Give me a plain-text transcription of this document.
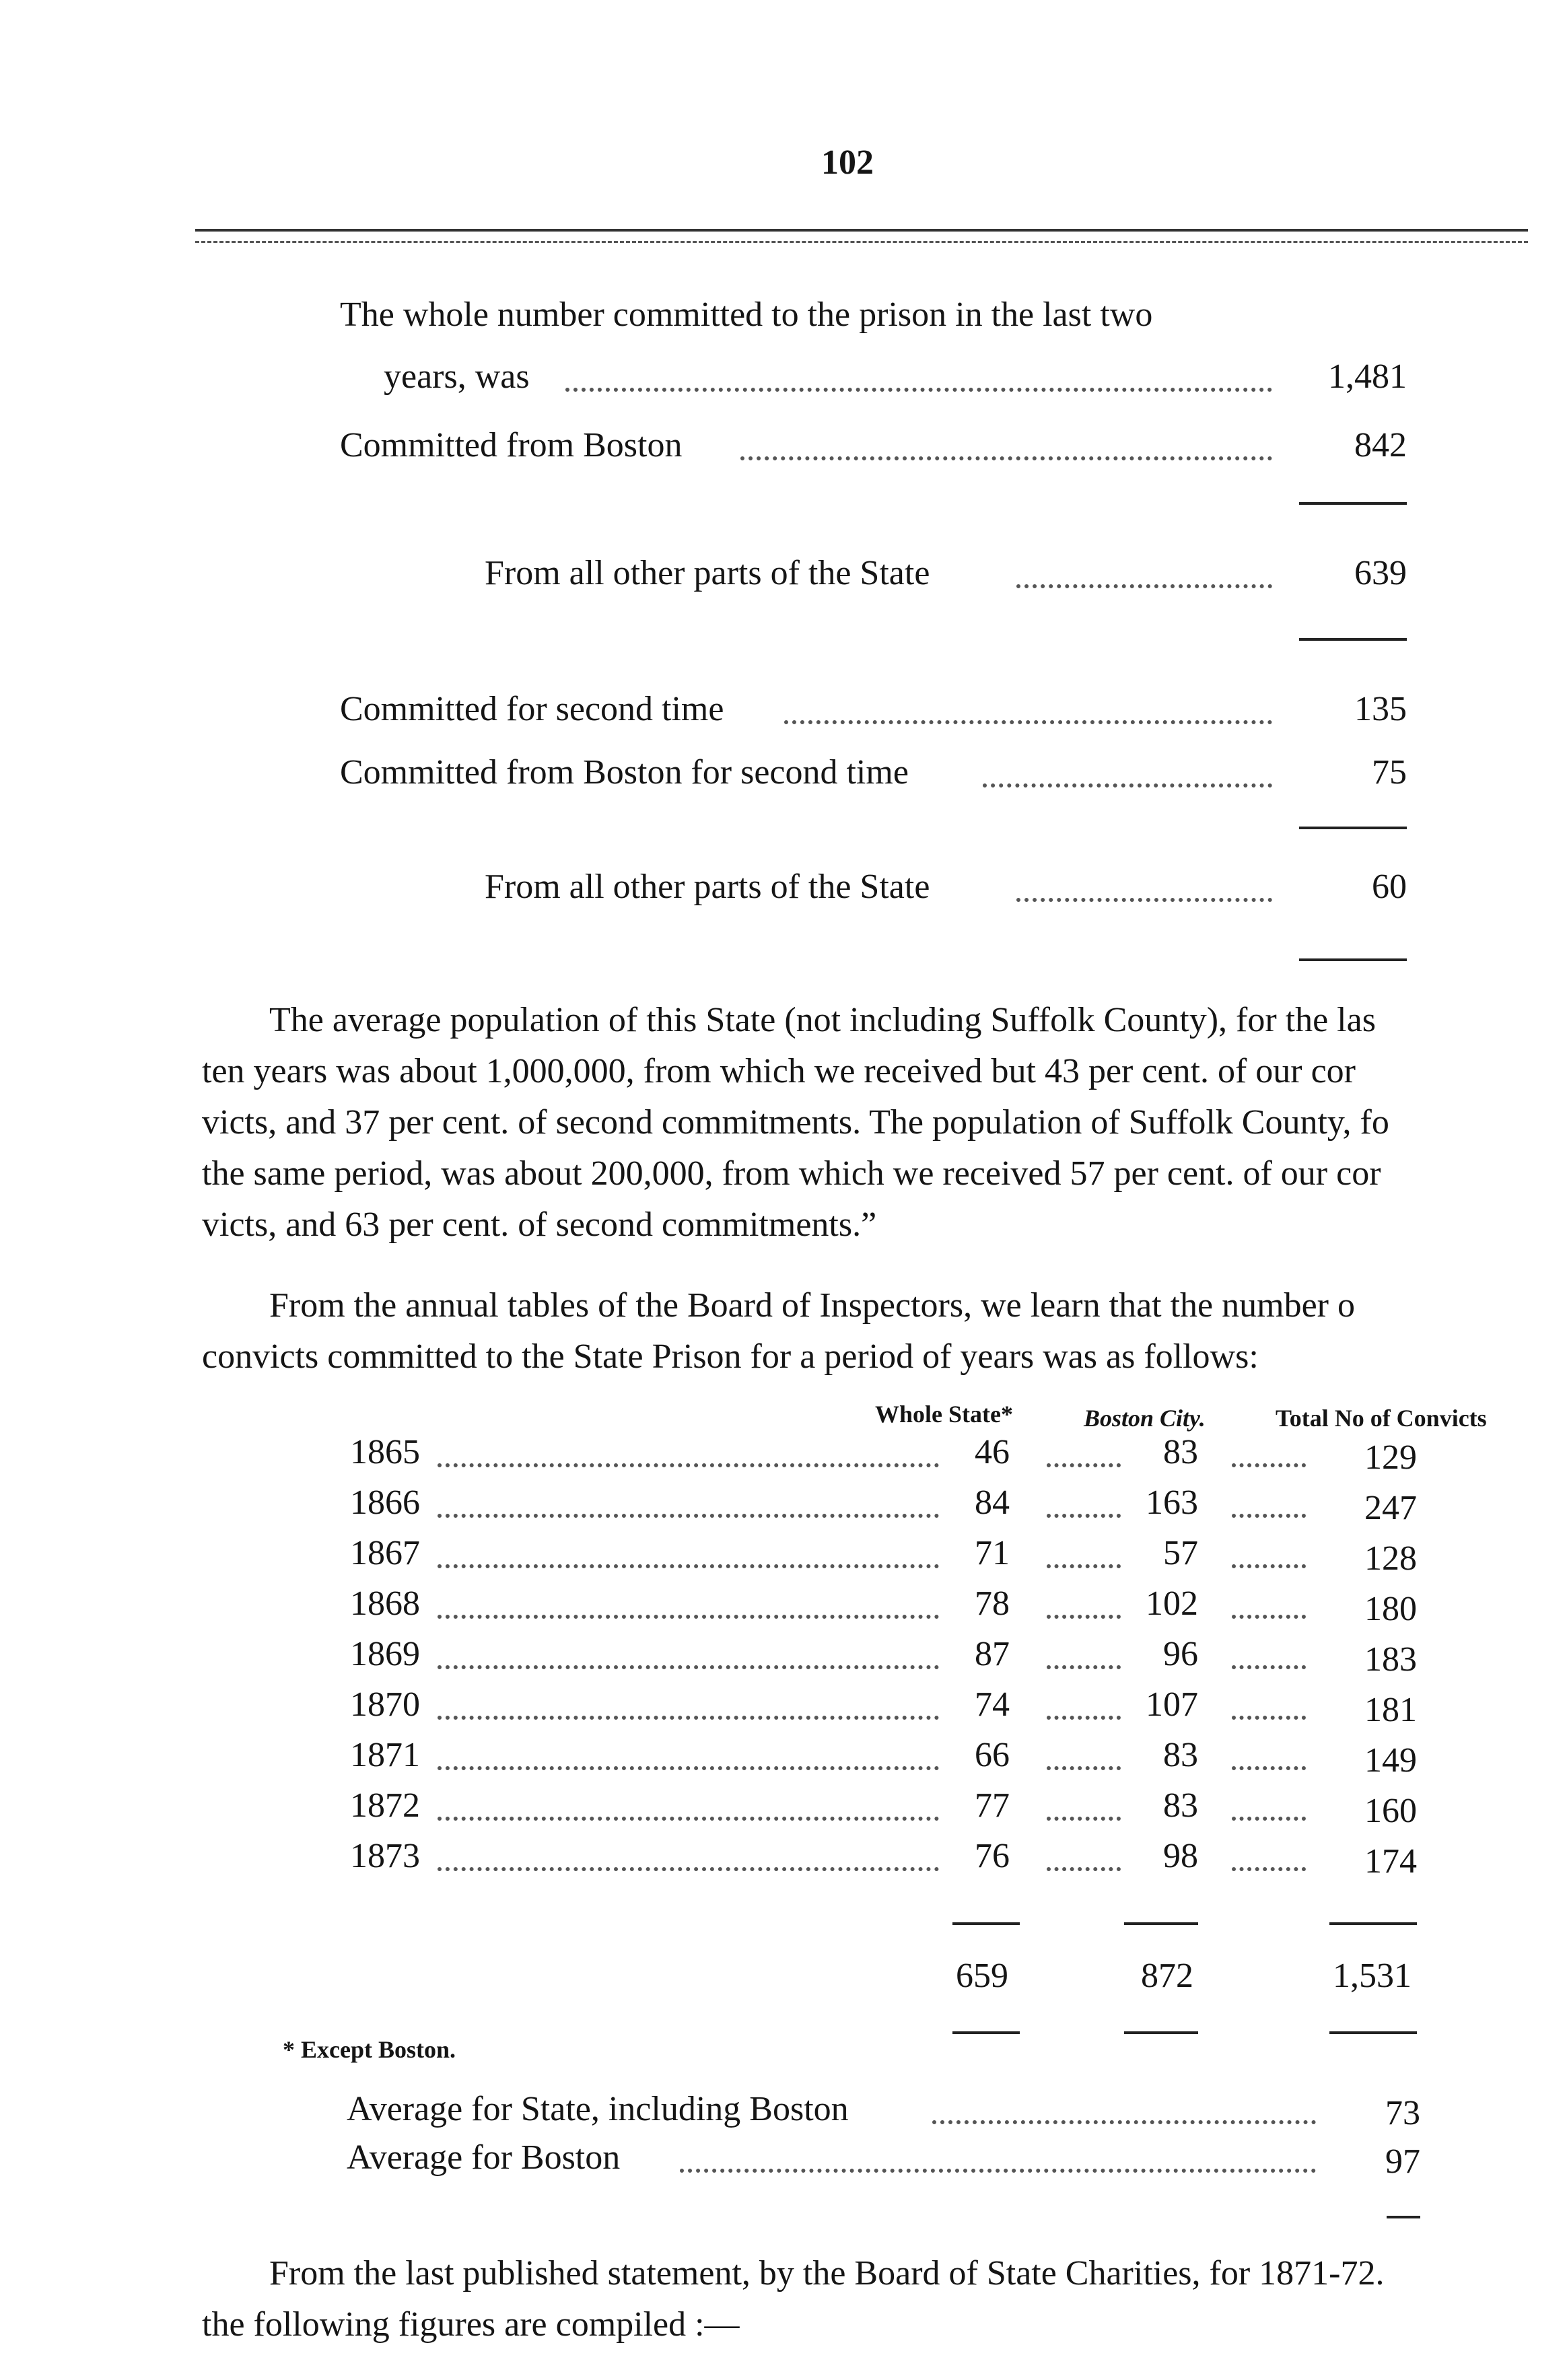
102
The whole number committed to the prison in the last two
years, was	1,481
Committed from Boston	842
From all other parts of the State	639
Committed for second time	135
Committed from Boston for second time	75
From all other parts of the State	60
The average population of this State (not including Suffolk County), for the las
ten years was about 1,000,000, from which we received but 43 per cent. of our cor
victs, and 37 per cent. of second commitments. The population of Suffolk County, fo
the same period, was about 200,000, from which we received 57 per cent. of our cor
victs, and 63 per cent. of second commitments.”
From the annual tables of the Board of Inspectors, we learn that the number o
convicts committed to the State Prison for a period of years was as follows:
Whole State*	Boston City.	Total No of Convicts
1865	46	83	129
1866	84	163	247
1867	71	57	128
1868	78	102	180
1869	87	96	183
1870	74	107	181
1871	66	83	149
1872	77	83	160
1873	76	98	174
659	872	1,531
* Except Boston.
Average for State, including Boston	73
Average for Boston	97
From the last published statement, by the Board of State Charities, for 1871-72.
the following figures are compiled :—
